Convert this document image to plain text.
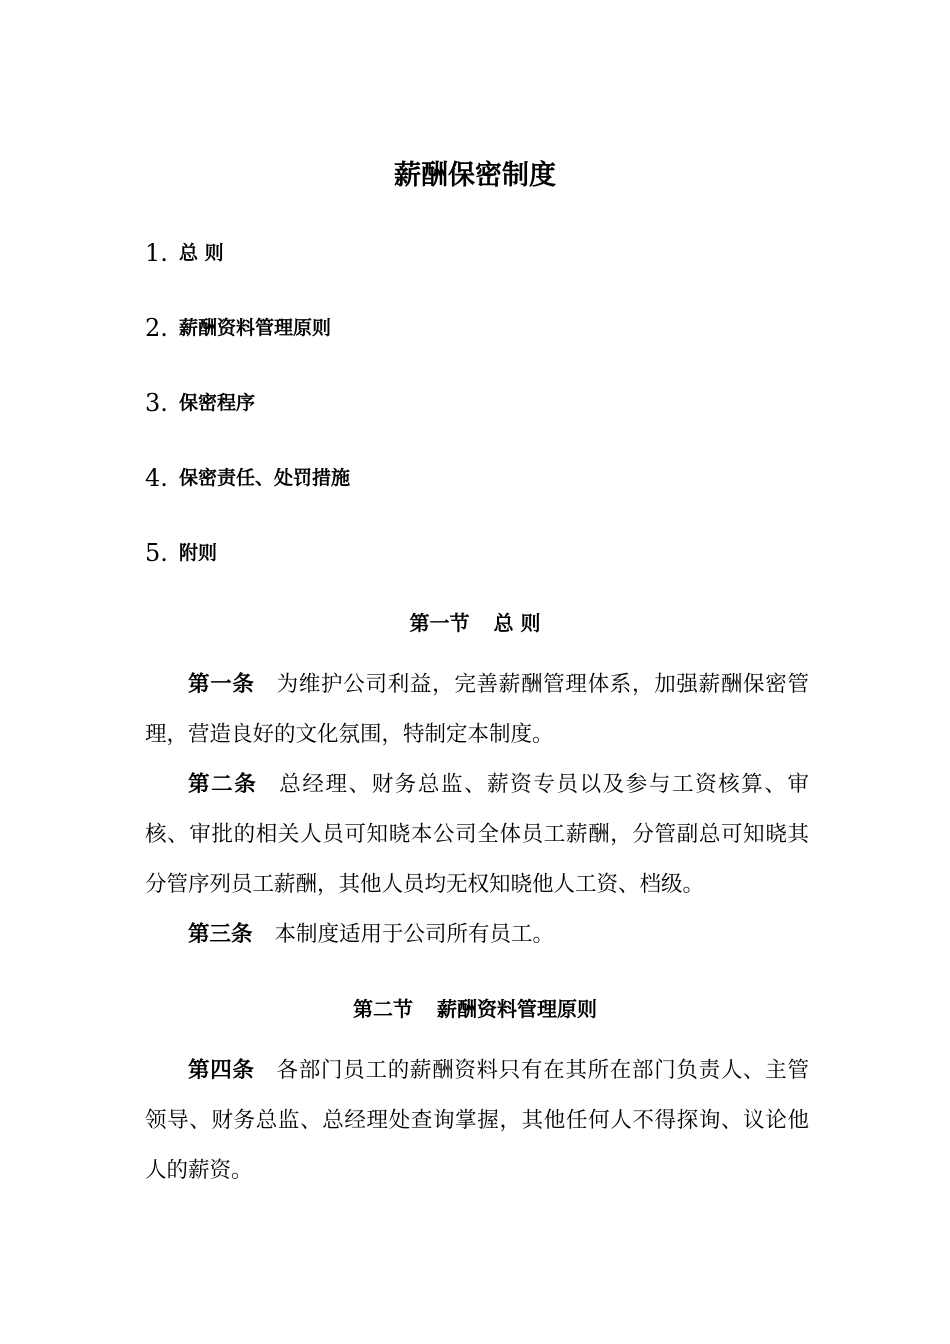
薪酬保密制度
1. 总 则
2. 薪酬资料管理原则
3. 保密程序
4. 保密责任、处罚措施
5. 附则
第一节 总 则
第一条 为维护公司利益，完善薪酬管理体系，加强薪酬保密管理，营造良好的文化氛围，特制定本制度。
第二条 总经理、财务总监、薪资专员以及参与工资核算、审核、审批的相关人员可知晓本公司全体员工薪酬，分管副总可知晓其分管序列员工薪酬，其他人员均无权知晓他人工资、档级。
第三条 本制度适用于公司所有员工。
第二节 薪酬资料管理原则
第四条 各部门员工的薪酬资料只有在其所在部门负责人、主管领导、财务总监、总经理处查询掌握，其他任何人不得探询、议论他人的薪资。
